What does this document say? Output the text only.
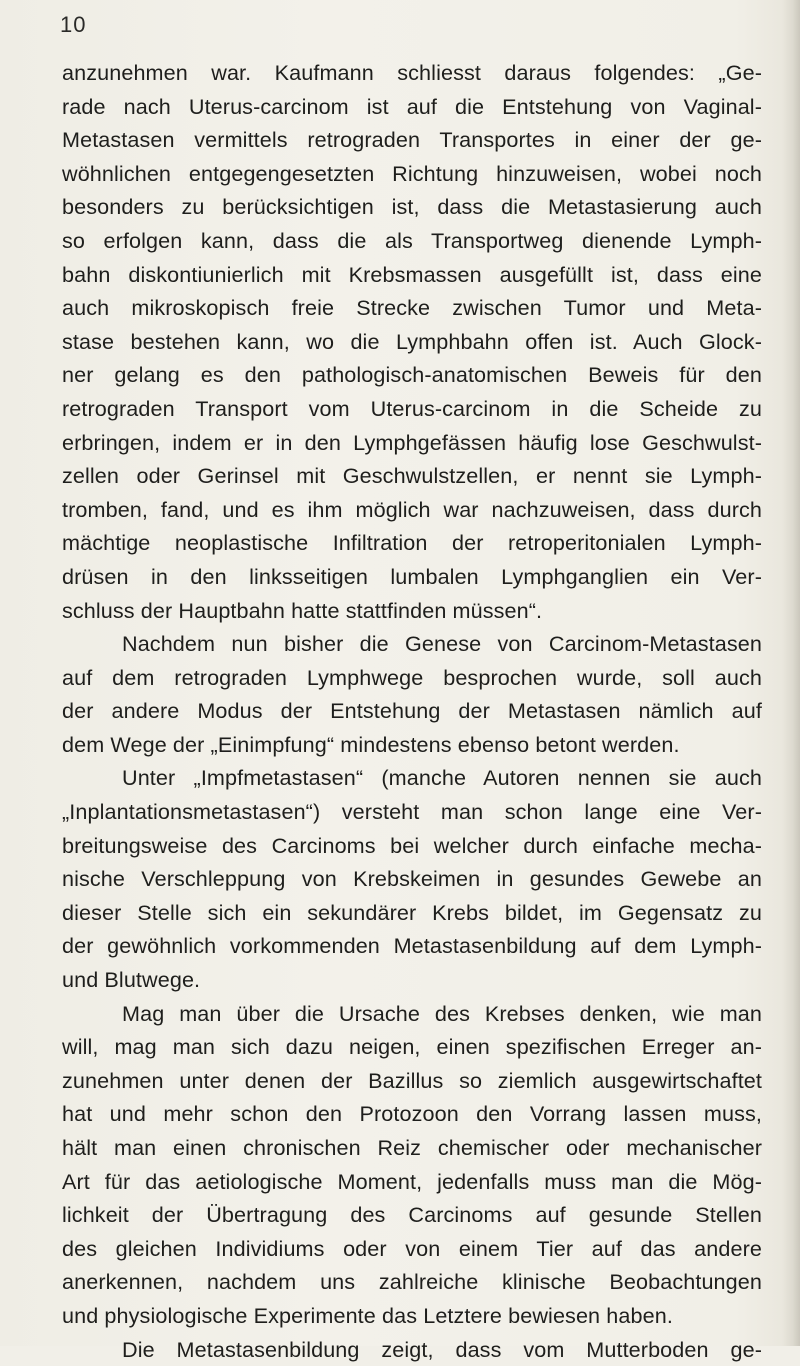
10
anzunehmen war. Kaufmann schliesst daraus folgendes: „Ge-
rade nach Uterus-carcinom ist auf die Entstehung von Vaginal-
Metastasen vermittels retrograden Transportes in einer der ge-
wöhnlichen entgegengesetzten Richtung hinzuweisen, wobei noch
besonders zu berücksichtigen ist, dass die Metastasierung auch
so erfolgen kann, dass die als Transportweg dienende Lymph-
bahn diskontiunierlich mit Krebsmassen ausgefüllt ist, dass eine
auch mikroskopisch freie Strecke zwischen Tumor und Meta-
stase bestehen kann, wo die Lymphbahn offen ist. Auch Glock-
ner gelang es den pathologisch-anatomischen Beweis für den
retrograden Transport vom Uterus-carcinom in die Scheide zu
erbringen, indem er in den Lymphgefässen häufig lose Geschwulst-
zellen oder Gerinsel mit Geschwulstzellen, er nennt sie Lymph-
tromben, fand, und es ihm möglich war nachzuweisen, dass durch
mächtige neoplastische Infiltration der retroperitonialen Lymph-
drüsen in den linksseitigen lumbalen Lymphganglien ein Ver-
schluss der Hauptbahn hatte stattfinden müssen“.
Nachdem nun bisher die Genese von Carcinom-Metastasen
auf dem retrograden Lymphwege besprochen wurde, soll auch
der andere Modus der Entstehung der Metastasen nämlich auf
dem Wege der „Einimpfung“ mindestens ebenso betont werden.
Unter „Impfmetastasen“ (manche Autoren nennen sie auch
„Inplantationsmetastasen“) versteht man schon lange eine Ver-
breitungsweise des Carcinoms bei welcher durch einfache mecha-
nische Verschleppung von Krebskeimen in gesundes Gewebe an
dieser Stelle sich ein sekundärer Krebs bildet, im Gegensatz zu
der gewöhnlich vorkommenden Metastasenbildung auf dem Lymph-
und Blutwege.
Mag man über die Ursache des Krebses denken, wie man
will, mag man sich dazu neigen, einen spezifischen Erreger an-
zunehmen unter denen der Bazillus so ziemlich ausgewirtschaftet
hat und mehr schon den Protozoon den Vorrang lassen muss,
hält man einen chronischen Reiz chemischer oder mechanischer
Art für das aetiologische Moment, jedenfalls muss man die Mög-
lichkeit der Übertragung des Carcinoms auf gesunde Stellen
des gleichen Individiums oder von einem Tier auf das andere
anerkennen, nachdem uns zahlreiche klinische Beobachtungen
und physiologische Experimente das Letztere bewiesen haben.
Die Metastasenbildung zeigt, dass vom Mutterboden ge-
